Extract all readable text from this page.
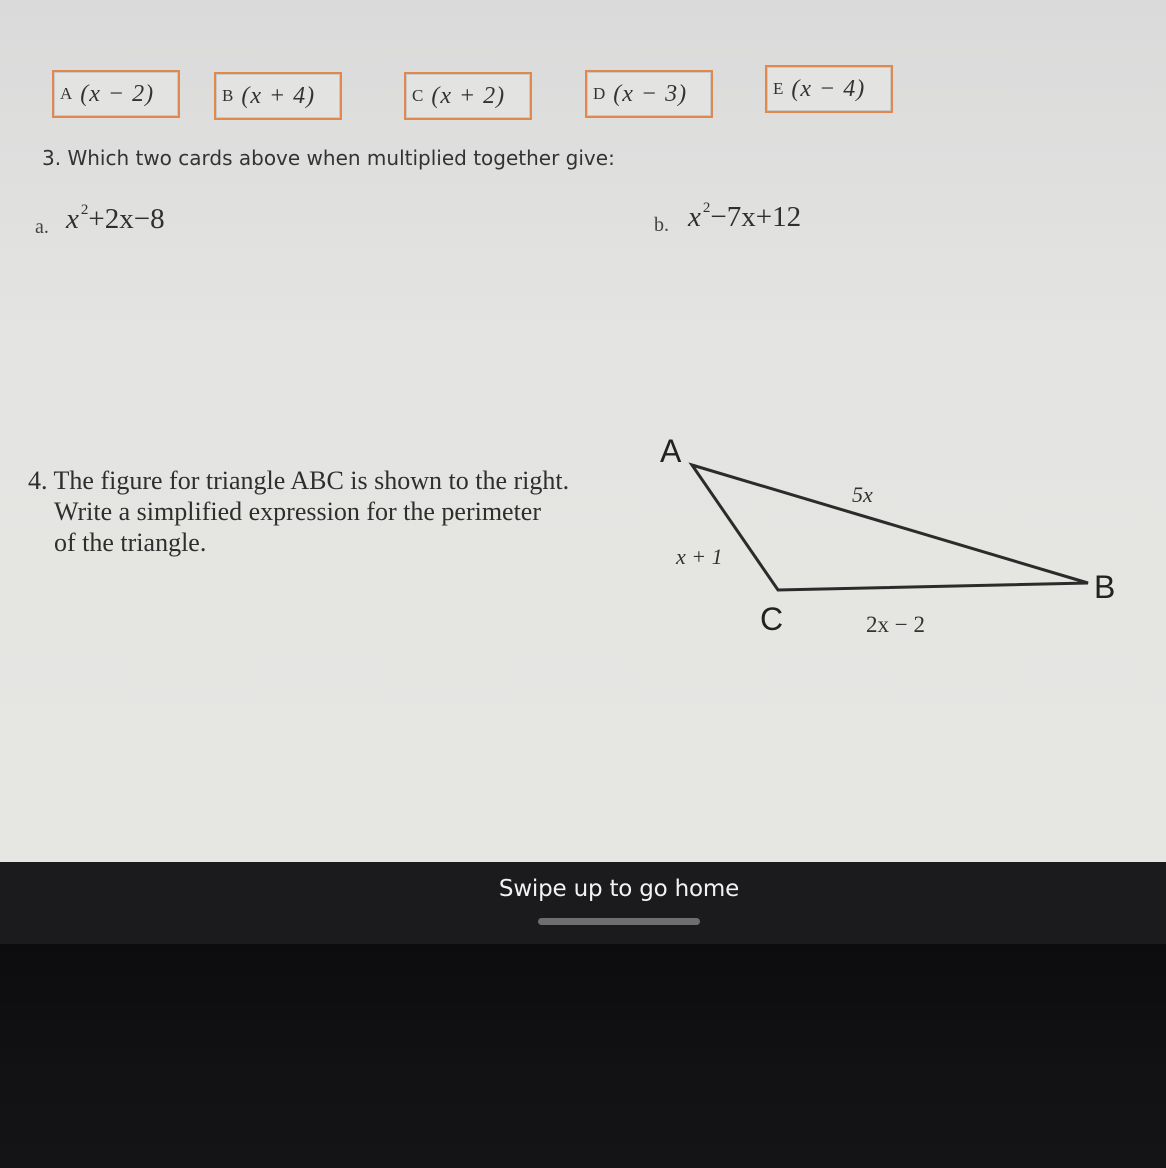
A (x − 2)	B (x + 4)	C (x + 2)	D (x − 3)	E (x − 4)
3. Which two cards above when multiplied together give:
a. x $^2$+2x−8	b. x $^2$−7x+12
4. The figure for triangle ABC is shown to the right.
Write a simplified expression for the perimeter
of the triangle.
A
B
C
5x
x + 1
2x − 2
Swipe up to go home
